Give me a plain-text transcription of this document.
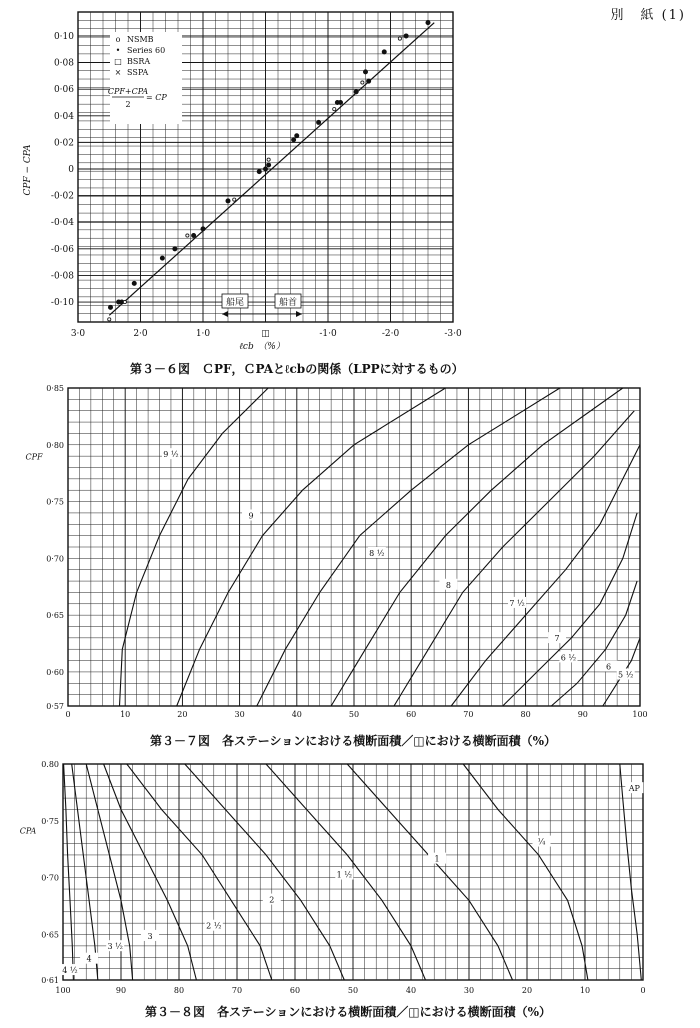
別　紙 (1)
0·10
0·08
0·06
0·04
0·02
0
-0·02
-0·04
-0·06
-0·08
-0·10
3·0	2·0	1·0	◫	-1·0	-2·0	-3·0
CPF − CPA
ℓcb　（%）
o NSMB
• Series 60
□ BSRA
× SSPA
CPF+CPA
2
= CP
船尾	船首
第３－６図　ＣPF，ＣPAとℓcbの関係（LPPに対するもの）
0·85
0·80
0·75
0·70
0·65
0·60
0·57
0	10	20	30	40	50	60	70	80	90	100
CPF	9 ½
9
8 ½
8
7 ½
7
6 ½
6
5 ½
第３－７図　各ステーションにおける横断面積／◫における横断面積（%）
0.80
0·75
0·70
0·65
0·61
100	90	80	70	60	50	40	30	20	10	0
CPA
AP
¼
1
1 ½
2
2 ½
3
3 ½
4
4 ½
第３－８図　各ステーションにおける横断面積／◫における横断面積（%）
